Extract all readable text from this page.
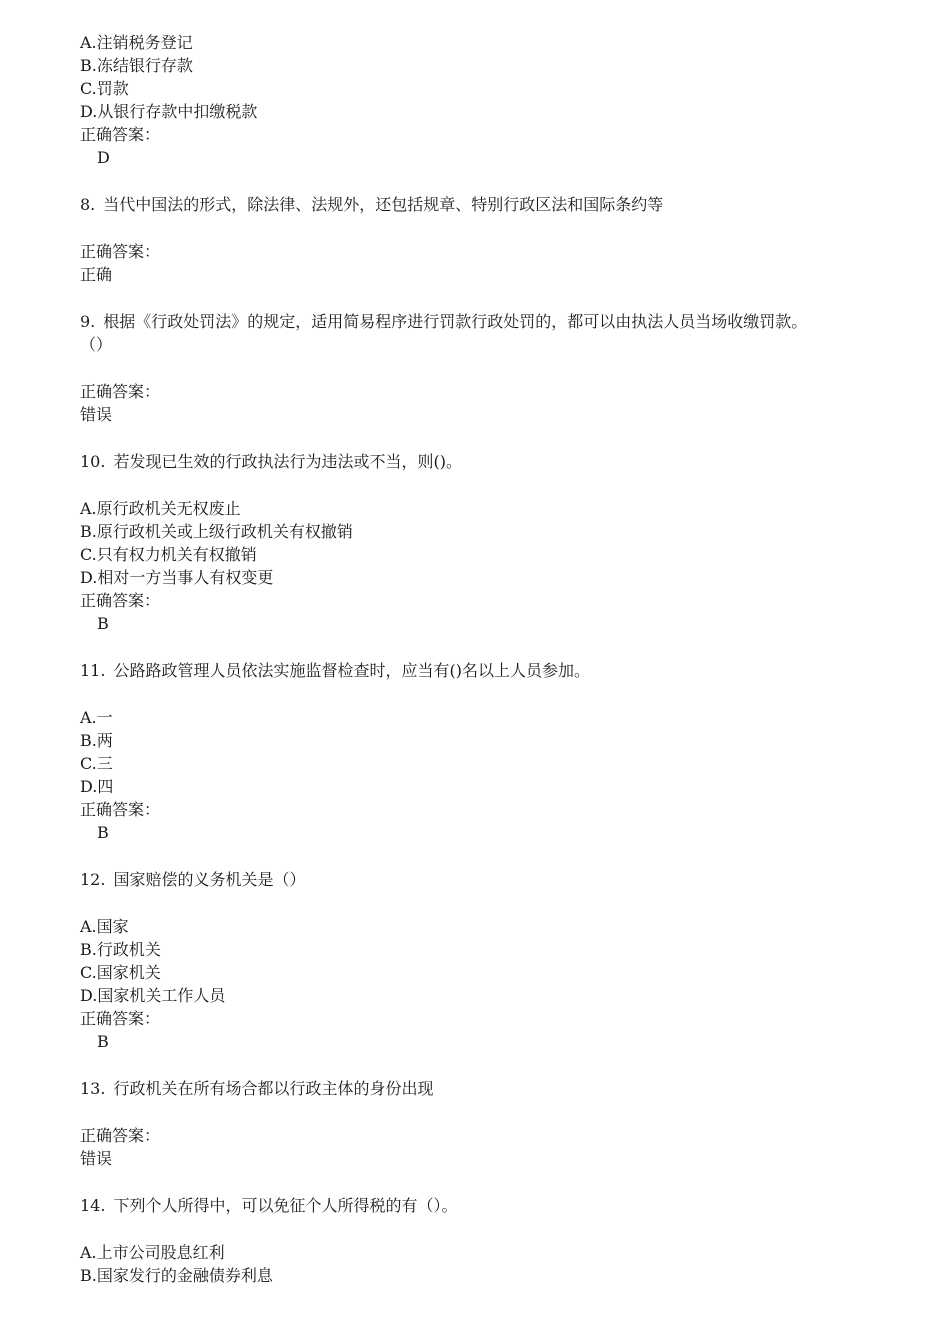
A.注销税务登记
B.冻结银行存款
C.罚款
D.从银行存款中扣缴税款
正确答案：
D
8. 当代中国法的形式，除法律、法规外，还包括规章、特别行政区法和国际条约等
正确答案：
正确
9. 根据《行政处罚法》的规定，适用简易程序进行罚款行政处罚的，都可以由执法人员当场收缴罚款。
（）
正确答案：
错误
10. 若发现已生效的行政执法行为违法或不当，则()。
A.原行政机关无权废止
B.原行政机关或上级行政机关有权撤销
C.只有权力机关有权撤销
D.相对一方当事人有权变更
正确答案：
B
11. 公路路政管理人员依法实施监督检查时，应当有()名以上人员参加。
A.一
B.两
C.三
D.四
正确答案：
B
12. 国家赔偿的义务机关是（）
A.国家
B.行政机关
C.国家机关
D.国家机关工作人员
正确答案：
B
13. 行政机关在所有场合都以行政主体的身份出现
正确答案：
错误
14. 下列个人所得中，可以免征个人所得税的有（）。
A.上市公司股息红利
B.国家发行的金融债券利息
